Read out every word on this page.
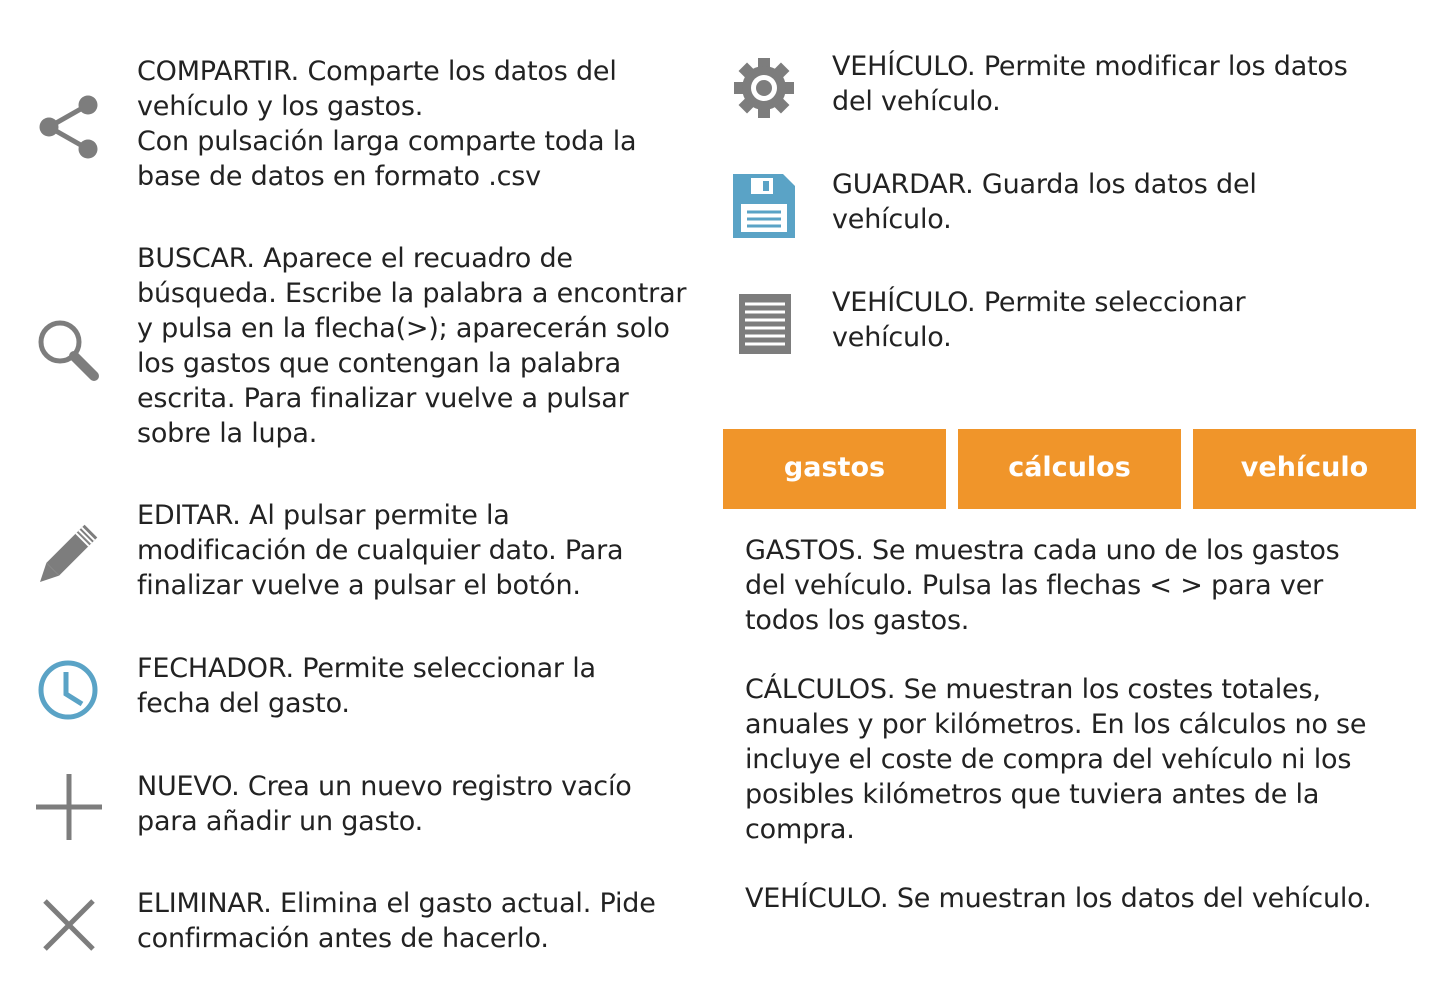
COMPARTIR. Comparte los datos del
vehículo y los gastos.
Con pulsación larga comparte toda la
base de datos en formato .csv
BUSCAR. Aparece el recuadro de
búsqueda. Escribe la palabra a encontrar
y pulsa en la flecha(>); aparecerán solo
los gastos que contengan la palabra
escrita. Para finalizar vuelve a pulsar
sobre la lupa.
EDITAR. Al pulsar permite la
modificación de cualquier dato. Para
finalizar vuelve a pulsar el botón.
FECHADOR. Permite seleccionar la
fecha del gasto.
NUEVO. Crea un nuevo registro vacío
para añadir un gasto.
ELIMINAR. Elimina el gasto actual. Pide
confirmación antes de hacerlo.
VEHÍCULO. Permite modificar los datos
del vehículo.
GUARDAR. Guarda los datos del
vehículo.
VEHÍCULO. Permite seleccionar
vehículo.
gastos	cálculos	vehículo
GASTOS. Se muestra cada uno de los gastos
del vehículo. Pulsa las flechas < > para ver
todos los gastos.
CÁLCULOS. Se muestran los costes totales,
anuales y por kilómetros. En los cálculos no se
incluye el coste de compra del vehículo ni los
posibles kilómetros que tuviera antes de la
compra.
VEHÍCULO. Se muestran los datos del vehículo.
